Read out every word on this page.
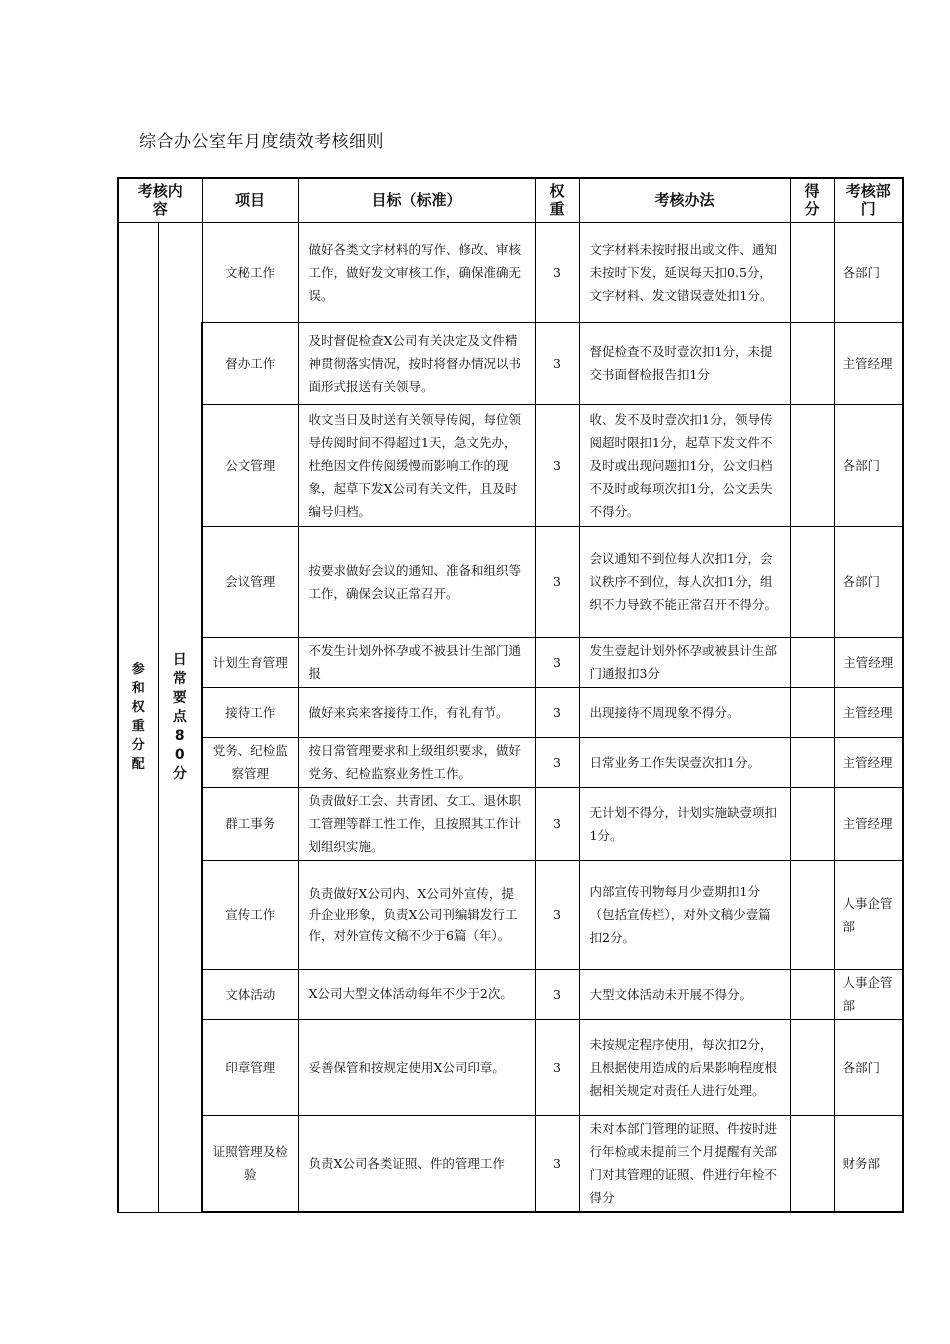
综合办公室年月度绩效考核细则
考核内容		项目	目标（标准）	权重	考核办法	得分	考核部门

参和权重分配	日常要点80分	文秘工作	做好各类文字材料的写作、修改、审核工作，做好发文审核工作，确保准确无误。	3	文字材料未按时报出或文件、通知未按时下发，延误每天扣0.5分，文字材料、发文错误壹处扣1分。		各部门
		督办工作	及时督促检查X公司有关决定及文件精神贯彻落实情况，按时将督办情况以书面形式报送有关领导。	3	督促检查不及时壹次扣1分，未提交书面督检报告扣1分		主管经理
		公文管理	收文当日及时送有关领导传阅，每位领导传阅时间不得超过1天，急文先办，杜绝因文件传阅缓慢而影响工作的现象，起草下发X公司有关文件，且及时编号归档。	3	收、发不及时壹次扣1分，领导传阅超时限扣1分，起草下发文件不及时或出现问题扣1分，公文归档不及时或每项次扣1分，公文丢失不得分。		各部门
		会议管理	按要求做好会议的通知、准备和组织等工作，确保会议正常召开。	3	会议通知不到位每人次扣1分，会议秩序不到位，每人次扣1分，组织不力导致不能正常召开不得分。		各部门
		计划生育管理	不发生计划外怀孕或不被县计生部门通报	3	发生壹起计划外怀孕或被县计生部门通报扣3分		主管经理
		接待工作	做好来宾来客接待工作，有礼有节。	3	出现接待不周现象不得分。		主管经理
		党务、纪检监察管理	按日常管理要求和上级组织要求，做好党务、纪检监察业务性工作。	3	日常业务工作失误壹次扣1分。		主管经理
		群工事务	负责做好工会、共青团、女工、退休职工管理等群工性工作，且按照其工作计划组织实施。	3	无计划不得分，计划实施缺壹项扣1分。		主管经理
		宣传工作	负责做好X公司内、X公司外宣传，提升企业形象，负责X公司刊编辑发行工作，对外宣传文稿不少于6篇（年）。	3	内部宣传刊物每月少壹期扣1分（包括宣传栏），对外文稿少壹篇扣2分。		人事企管部
		文体活动	X公司大型文体活动每年不少于2次。	3	大型文体活动未开展不得分。		人事企管部
		印章管理	妥善保管和按规定使用X公司印章。	3	未按规定程序使用，每次扣2分，且根据使用造成的后果影响程度根据相关规定对责任人进行处理。		各部门
		证照管理及检验	负责X公司各类证照、件的管理工作	3	未对本部门管理的证照、件按时进行年检或未提前三个月提醒有关部门对其管理的证照、件进行年检不得分		财务部
